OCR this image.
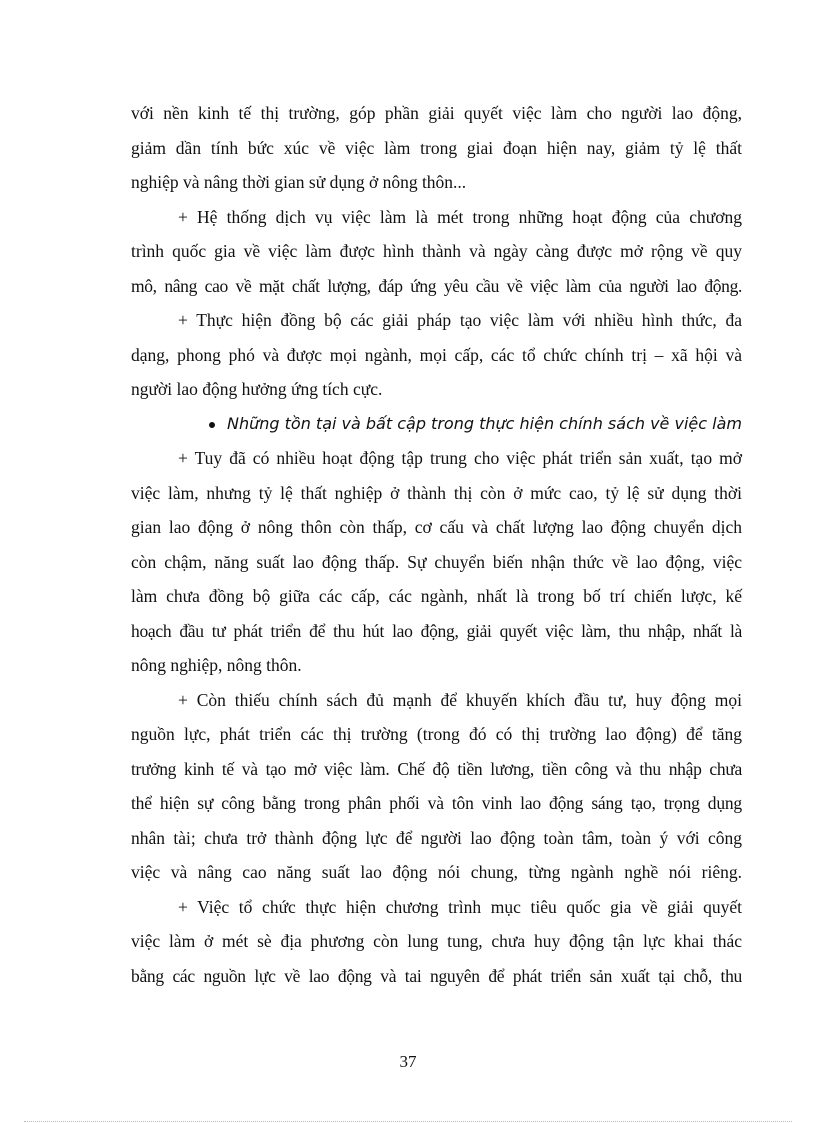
với nền kinh tế thị trường, góp phần giải quyết việc làm cho người lao động,
giảm dần tính bức xúc về việc làm trong giai đoạn hiện nay, giảm tỷ lệ thất
nghiệp và nâng thời gian sử dụng ở nông thôn...
+ Hệ thống dịch vụ việc làm là mét trong những hoạt động của chương
trình quốc gia về việc làm được hình thành và ngày càng được mở rộng về quy
mô, nâng cao về mặt chất lượng, đáp ứng yêu cầu về việc làm của người lao động.
+ Thực hiện đồng bộ các giải pháp tạo việc làm với nhiều hình thức, đa
dạng, phong phó và được mọi ngành, mọi cấp, các tổ chức chính trị – xã hội và
người lao động hưởng ứng tích cực.
Những tồn tại và bất cập trong thực hiện chính sách về việc làm
+ Tuy đã có nhiều hoạt động tập trung cho việc phát triển sản xuất, tạo mở
việc làm, nhưng tỷ lệ thất nghiệp ở thành thị còn ở mức cao, tỷ lệ sử dụng thời
gian lao động ở nông thôn còn thấp, cơ cấu và chất lượng lao động chuyển dịch
còn chậm, năng suất lao động thấp. Sự chuyển biến nhận thức về lao động, việc
làm chưa đồng bộ giữa các cấp, các ngành, nhất là trong bố trí chiến lược, kế
hoạch đầu tư phát triển để thu hút lao động, giải quyết việc làm, thu nhập, nhất là
nông nghiệp, nông thôn.
+ Còn thiếu chính sách đủ mạnh để khuyến khích đầu tư, huy động mọi
nguồn lực, phát triển các thị trường (trong đó có thị trường lao động) để tăng
trưởng kinh tế và tạo mở việc làm. Chế độ tiền lương, tiền công và thu nhập chưa
thể hiện sự công bằng trong phân phối và tôn vinh lao động sáng tạo, trọng dụng
nhân tài; chưa trở thành động lực để người lao động toàn tâm, toàn ý với công
việc và nâng cao năng suất lao động nói chung, từng ngành nghề nói riêng.
+ Việc tổ chức thực hiện chương trình mục tiêu quốc gia về giải quyết
việc làm ở mét sè địa phương còn lung tung, chưa huy động tận lực khai thác
bằng các nguồn lực về lao động và tai nguyên để phát triển sản xuất tại chỗ, thu
37
